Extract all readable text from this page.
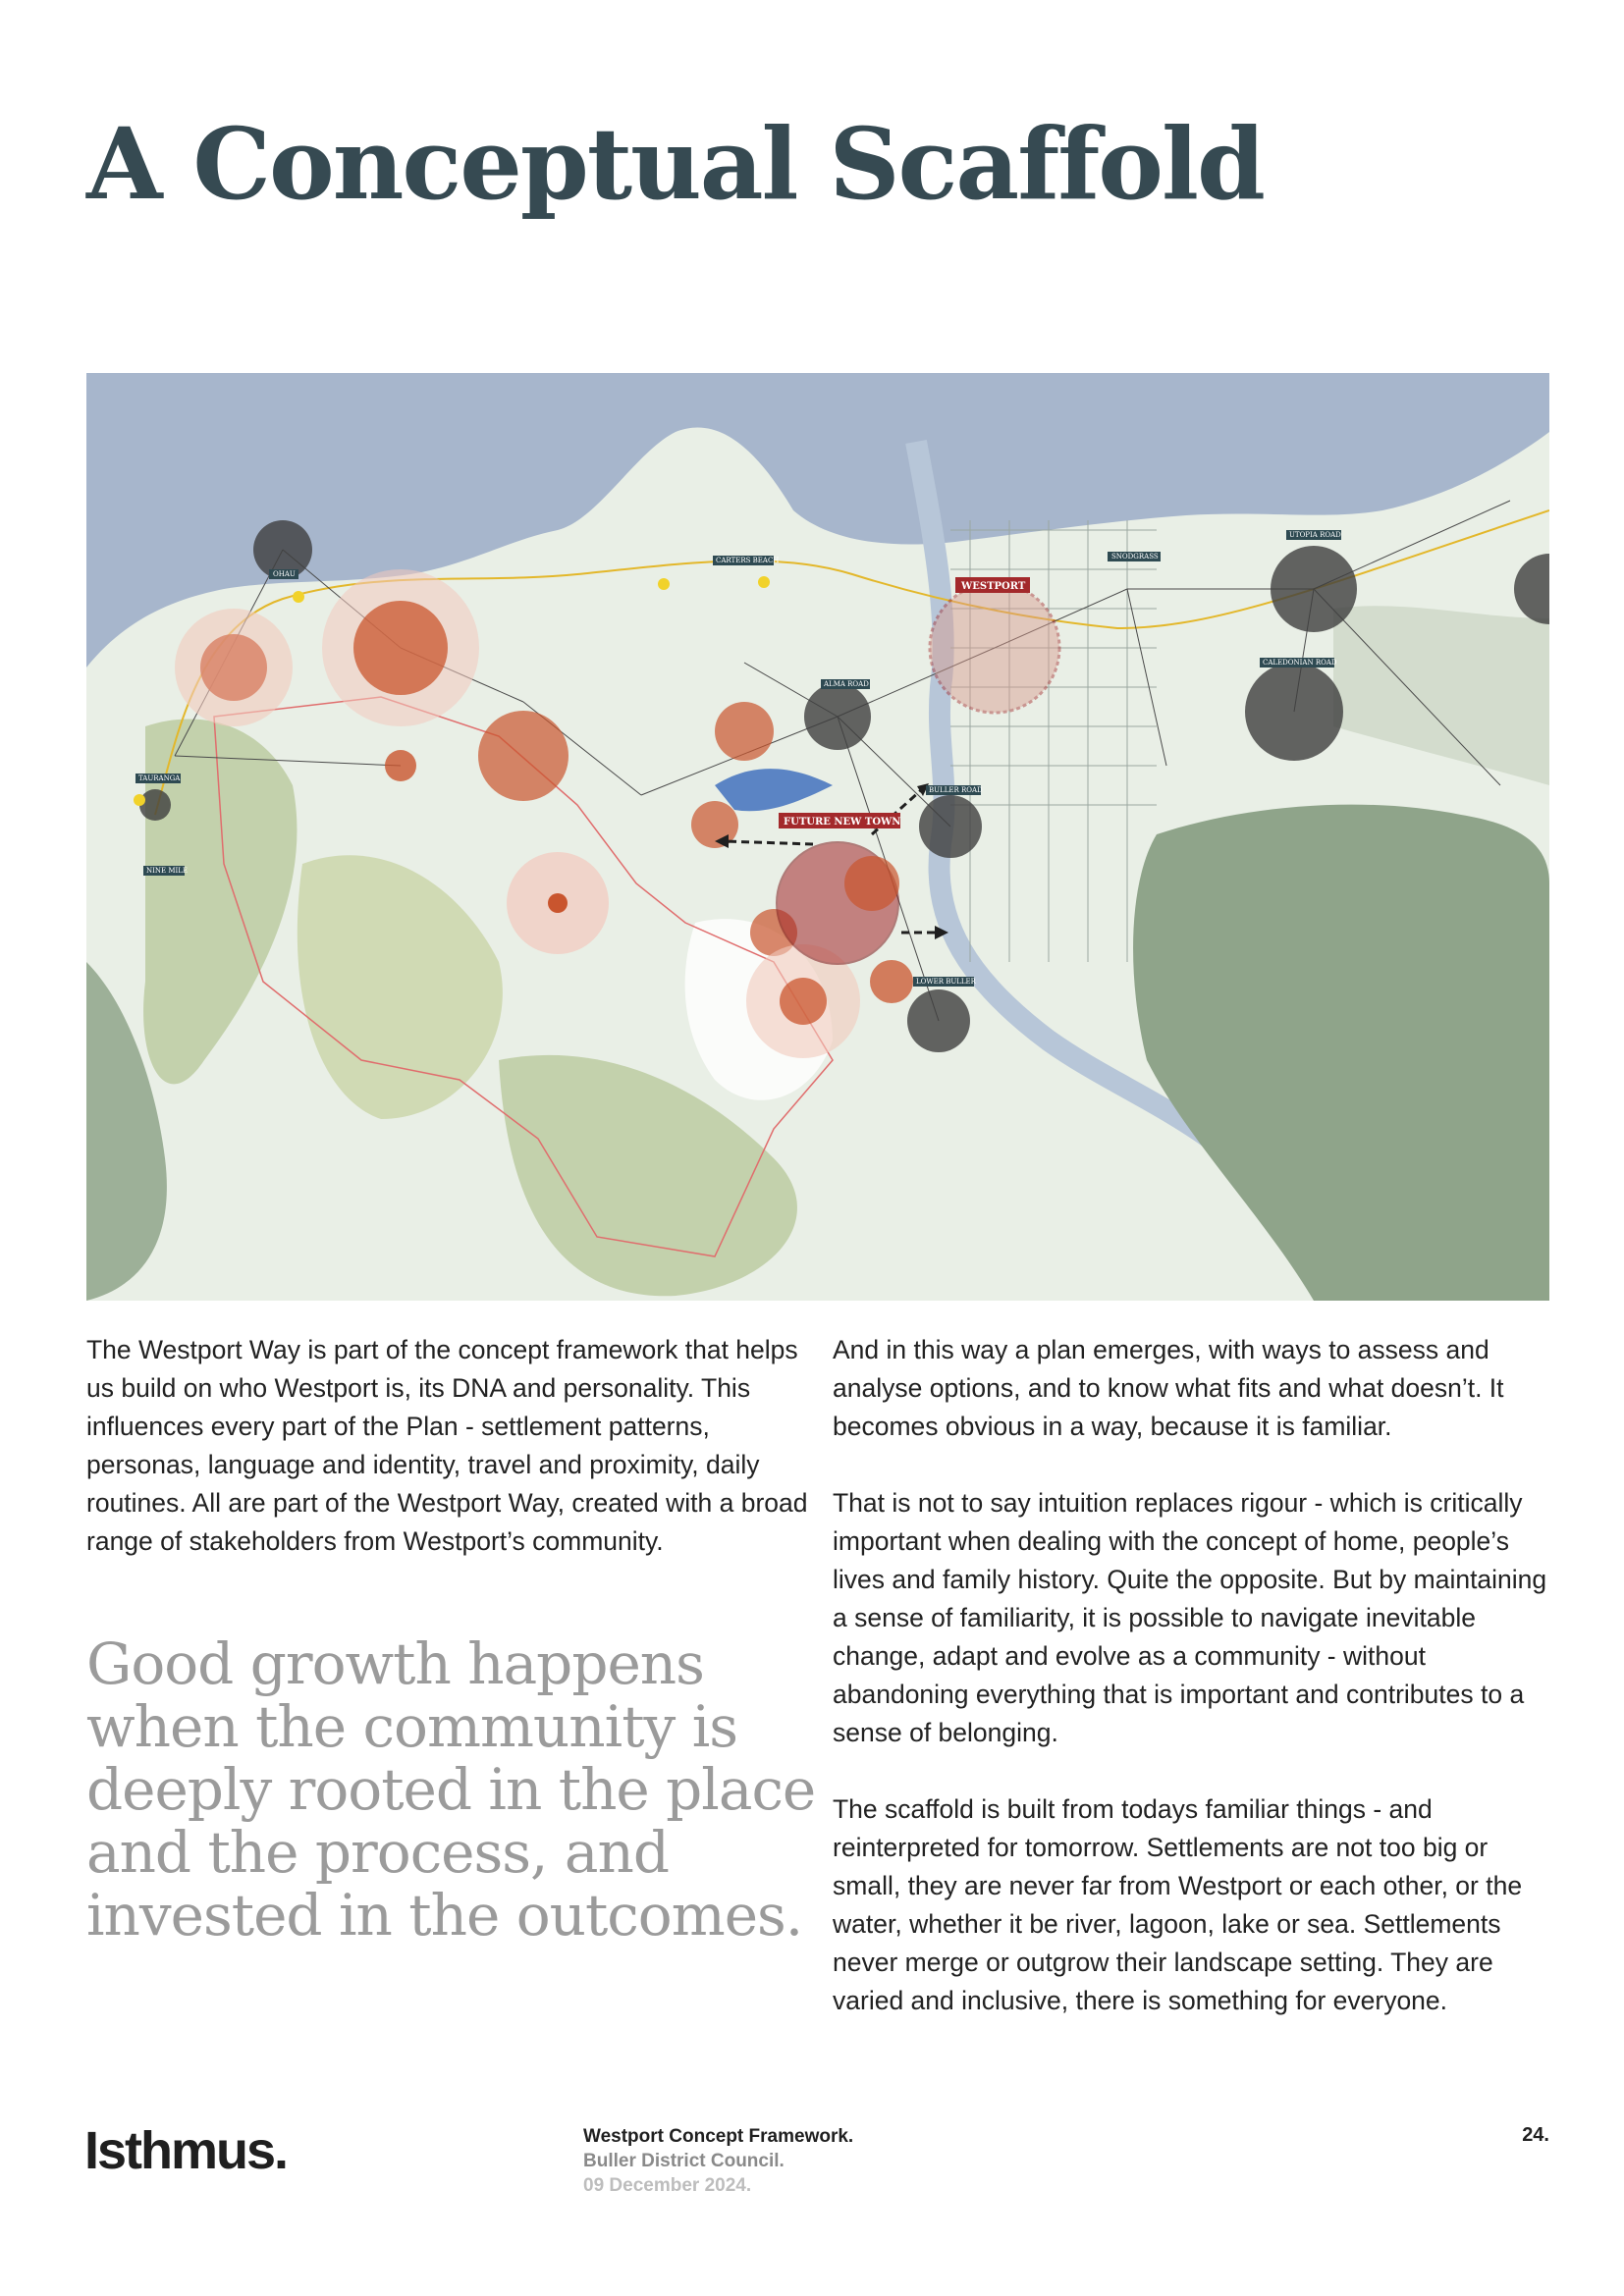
A Conceptual Scaffold
OHAU
CARTERS BEACH
WESTPORT
SNODGRASS
UTOPIA ROAD
CALEDONIAN ROAD
ALMA ROAD
BULLER ROAD
FUTURE NEW TOWN
TAURANGA
NINE MILE
LOWER BULLER

The Westport Way is part of the concept framework that helps us build on who Westport is, its DNA and personality. This influences every part of the Plan - settlement patterns, personas, language and identity, travel and proximity, daily routines. All are part of the Westport Way, created with a broad range of stakeholders from Westport’s community.

Good growth happens when the community is deeply rooted in the place and the process, and invested in the outcomes.

And in this way a plan emerges, with ways to assess and analyse options, and to know what fits and what doesn’t. It becomes obvious in a way, because it is familiar.

That is not to say intuition replaces rigour - which is critically important when dealing with the concept of home, people’s lives and family history. Quite the opposite. But by maintaining a sense of familiarity, it is possible to navigate inevitable change, adapt and evolve as a community - without abandoning everything that is important and contributes to a sense of belonging.

The scaffold is built from todays familiar things - and reinterpreted for tomorrow. Settlements are not too big or small, they are never far from Westport or each other, or the water, whether it be river, lagoon, lake or sea. Settlements never merge or outgrow their landscape setting. They are varied and inclusive, there is something for everyone.

Isthmus.	Westport Concept Framework.
Buller District Council.
09 December 2024.
24.
